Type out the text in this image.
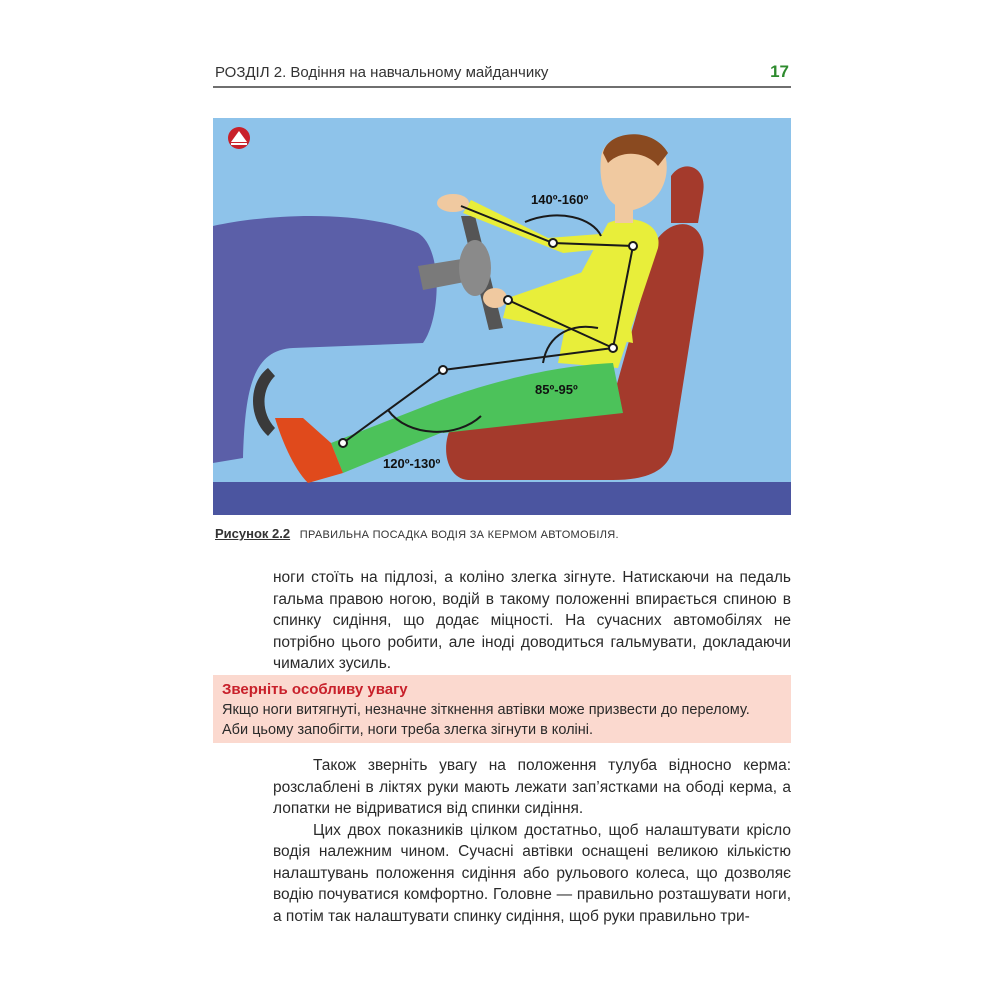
РОЗДІЛ 2. Водіння на навчальному майданчику	17
140º-160º
85º-95º
120º-130º
Рисунок 2.2 ПРАВИЛЬНА ПОСАДКА ВОДІЯ ЗА КЕРМОМ АВТОМОБІЛЯ.

ноги стоїть на підлозі, а коліно злегка зігнуте. Натискаючи на педаль гальма правою ногою, водій в такому положенні впирається спиною в спинку сидіння, що додає міцності. На сучасних автомобілях не потрібно цього робити, але іноді доводиться гальмувати, докладаючи чималих зусиль.

Зверніть особливу увагу
Якщо ноги витягнуті, незначне зіткнення автівки може призвести до перелому.
Аби цьому запобігти, ноги треба злегка зігнути в коліні.
Також зверніть увагу на положення тулуба відносно керма: розслаблені в ліктях руки мають лежати зап’ястками на ободі керма, а лопатки не відриватися від спинки сидіння.
Цих двох показників цілком достатньо, щоб налаштувати крісло водія належним чином. Сучасні автівки оснащені великою кількістю налаштувань положення сидіння або рульового колеса, що дозволяє водію почуватися комфортно. Головне — правильно розташувати ноги, а потім так налаштувати спинку сидіння, щоб руки правильно три-
